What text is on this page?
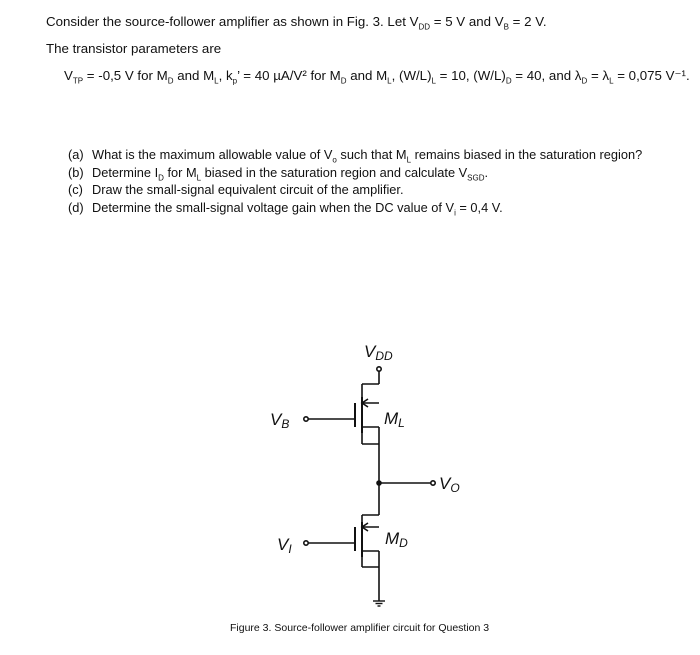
Consider the source-follower amplifier as shown in Fig. 3. Let $V_{DD} = 5$ V and $V_B = 2$ V.
The transistor parameters are
$V_{TP} = -0,5$ V for $M_D$ and $M_L$, $k_p$’ = 40 µA/V² for $M_D$ and $M_L$, $(W/L)_L = 10$, $(W/L)_D = 40$, and $\lambda_D = \lambda_L = 0,075$ V⁻¹.
(a) What is the maximum allowable value of $V_o$ such that $M_L$ remains biased in the saturation region?
(b) Determine $I_D$ for $M_L$ biased in the saturation region and calculate $V_{SGD}$.
(c) Draw the small-signal equivalent circuit of the amplifier.
(d) Determine the small-signal voltage gain when the DC value of $V_i = 0,4$ V.
VDD
VB	ML
VO
VI
MD
Figure 3. Source-follower amplifier circuit for Question 3
